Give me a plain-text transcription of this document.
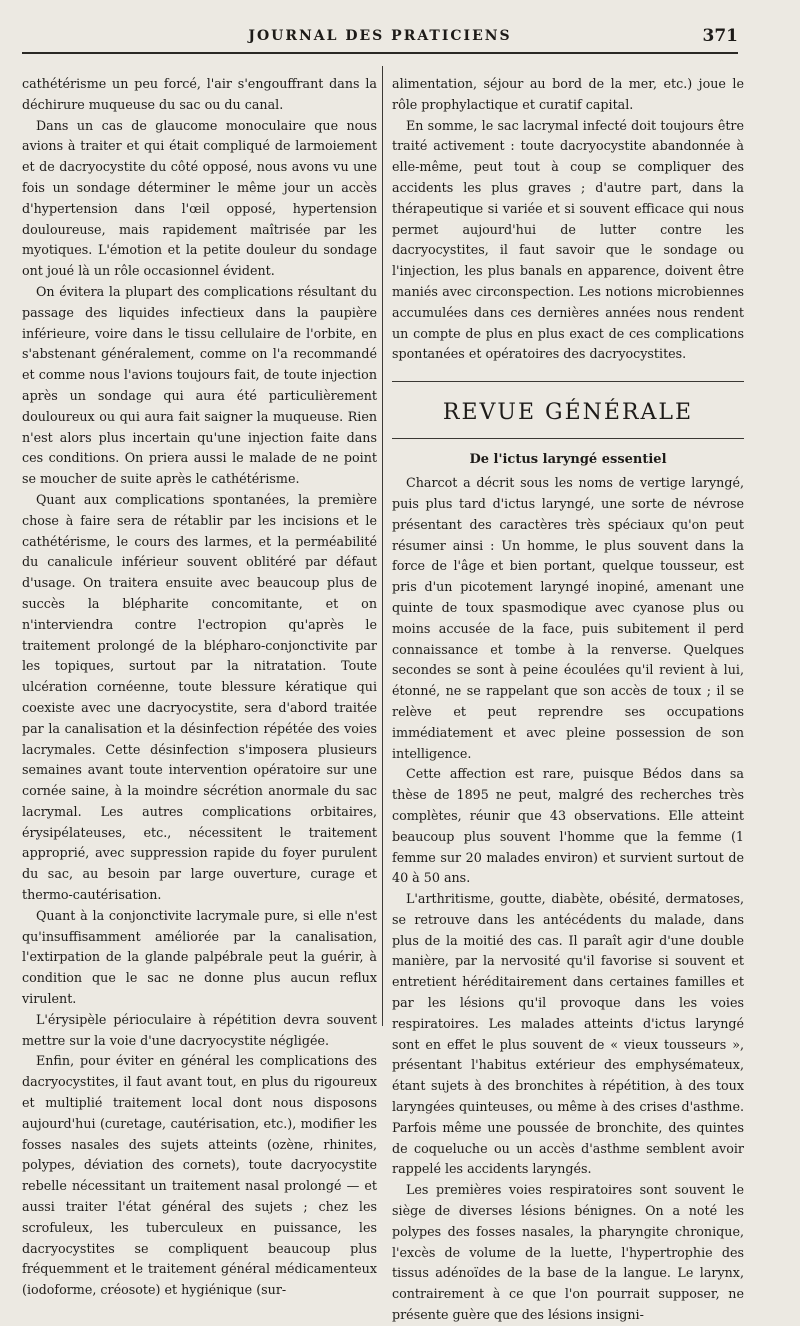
JOURNAL DES PRATICIENS	371

cathétérisme un peu forcé, l'air s'engouffrant dans la déchirure muqueuse du sac ou du canal.

Dans un cas de glaucome monoculaire que nous avions à traiter et qui était compliqué de larmoiement et de dacryocystite du côté opposé, nous avons vu une fois un sondage déterminer le même jour un accès d'hypertension dans l'œil opposé, hypertension douloureuse, mais rapidement maîtrisée par les myotiques. L'émotion et la petite douleur du sondage ont joué là un rôle occasionnel évident.

On évitera la plupart des complications résultant du passage des liquides infectieux dans la paupière inférieure, voire dans le tissu cellulaire de l'orbite, en s'abstenant généralement, comme on l'a recommandé et comme nous l'avions toujours fait, de toute injection après un sondage qui aura été particulièrement douloureux ou qui aura fait saigner la muqueuse. Rien n'est alors plus incertain qu'une injection faite dans ces conditions. On priera aussi le malade de ne point se moucher de suite après le cathétérisme.

Quant aux complications spontanées, la première chose à faire sera de rétablir par les incisions et le cathétérisme, le cours des larmes, et la perméabilité du canalicule inférieur souvent oblitéré par défaut d'usage. On traitera ensuite avec beaucoup plus de succès la blépharite concomitante, et on n'interviendra contre l'ectropion qu'après le traitement prolongé de la blépharo-conjonctivite par les topiques, surtout par la nitratation. Toute ulcération cornéenne, toute blessure kératique qui coexiste avec une dacryocystite, sera d'abord traitée par la canalisation et la désinfection répétée des voies lacrymales. Cette désinfection s'imposera plusieurs semaines avant toute intervention opératoire sur une cornée saine, à la moindre sécrétion anormale du sac lacrymal. Les autres complications orbitaires, érysipélateuses, etc., nécessitent le traitement approprié, avec suppression rapide du foyer purulent du sac, au besoin par large ouverture, curage et thermo-cautérisation.

Quant à la conjonctivite lacrymale pure, si elle n'est qu'insuffisamment améliorée par la canalisation, l'extirpation de la glande palpébrale peut la guérir, à condition que le sac ne donne plus aucun reflux virulent.

L'érysipèle périoculaire à répétition devra souvent mettre sur la voie d'une dacryocystite négligée.

Enfin, pour éviter en général les complications des dacryocystites, il faut avant tout, en plus du rigoureux et multiplié traitement local dont nous disposons aujourd'hui (curetage, cautérisation, etc.), modifier les fosses nasales des sujets atteints (ozène, rhinites, polypes, déviation des cornets), toute dacryocystite rebelle nécessitant un traitement nasal prolongé — et aussi traiter l'état général des sujets ; chez les scrofuleux, les tuberculeux en puissance, les dacryocystites se compliquent beaucoup plus fréquemment et le traitement général médicamenteux (iodoforme, créosote) et hygiénique (sur-

alimentation, séjour au bord de la mer, etc.) joue le rôle prophylactique et curatif capital.

En somme, le sac lacrymal infecté doit toujours être traité activement : toute dacryocystite abandonnée à elle-même, peut tout à coup se compliquer des accidents les plus graves ; d'autre part, dans la thérapeutique si variée et si souvent efficace qui nous permet aujourd'hui de lutter contre les dacryocystites, il faut savoir que le sondage ou l'injection, les plus banals en apparence, doivent être maniés avec circonspection. Les notions microbiennes accumulées dans ces dernières années nous rendent un compte de plus en plus exact de ces complications spontanées et opératoires des dacryocystites.

REVUE GÉNÉRALE
De l'ictus laryngé essentiel

Charcot a décrit sous les noms de vertige laryngé, puis plus tard d'ictus laryngé, une sorte de névrose présentant des caractères très spéciaux qu'on peut résumer ainsi : Un homme, le plus souvent dans la force de l'âge et bien portant, quelque tousseur, est pris d'un picotement laryngé inopiné, amenant une quinte de toux spasmodique avec cyanose plus ou moins accusée de la face, puis subitement il perd connaissance et tombe à la renverse. Quelques secondes se sont à peine écoulées qu'il revient à lui, étonné, ne se rappelant que son accès de toux ; il se relève et peut reprendre ses occupations immédiatement et avec pleine possession de son intelligence.

Cette affection est rare, puisque Bédos dans sa thèse de 1895 ne peut, malgré des recherches très complètes, réunir que 43 observations. Elle atteint beaucoup plus souvent l'homme que la femme (1 femme sur 20 malades environ) et survient surtout de 40 à 50 ans.

L'arthritisme, goutte, diabète, obésité, dermatoses, se retrouve dans les antécédents du malade, dans plus de la moitié des cas. Il paraît agir d'une double manière, par la nervosité qu'il favorise si souvent et entretient héréditairement dans certaines familles et par les lésions qu'il provoque dans les voies respiratoires. Les malades atteints d'ictus laryngé sont en effet le plus souvent de « vieux tousseurs », présentant l'habitus extérieur des emphysémateux, étant sujets à des bronchites à répétition, à des toux laryngées quinteuses, ou même à des crises d'asthme. Parfois même une poussée de bronchite, des quintes de coqueluche ou un accès d'asthme semblent avoir rappelé les accidents laryngés.

Les premières voies respiratoires sont souvent le siège de diverses lésions bénignes. On a noté les polypes des fosses nasales, la pharyngite chronique, l'excès de volume de la luette, l'hypertrophie des tissus adénoïdes de la base de la langue. Le larynx, contrairement à ce que l'on pourrait supposer, ne présente guère que des lésions insigni-
